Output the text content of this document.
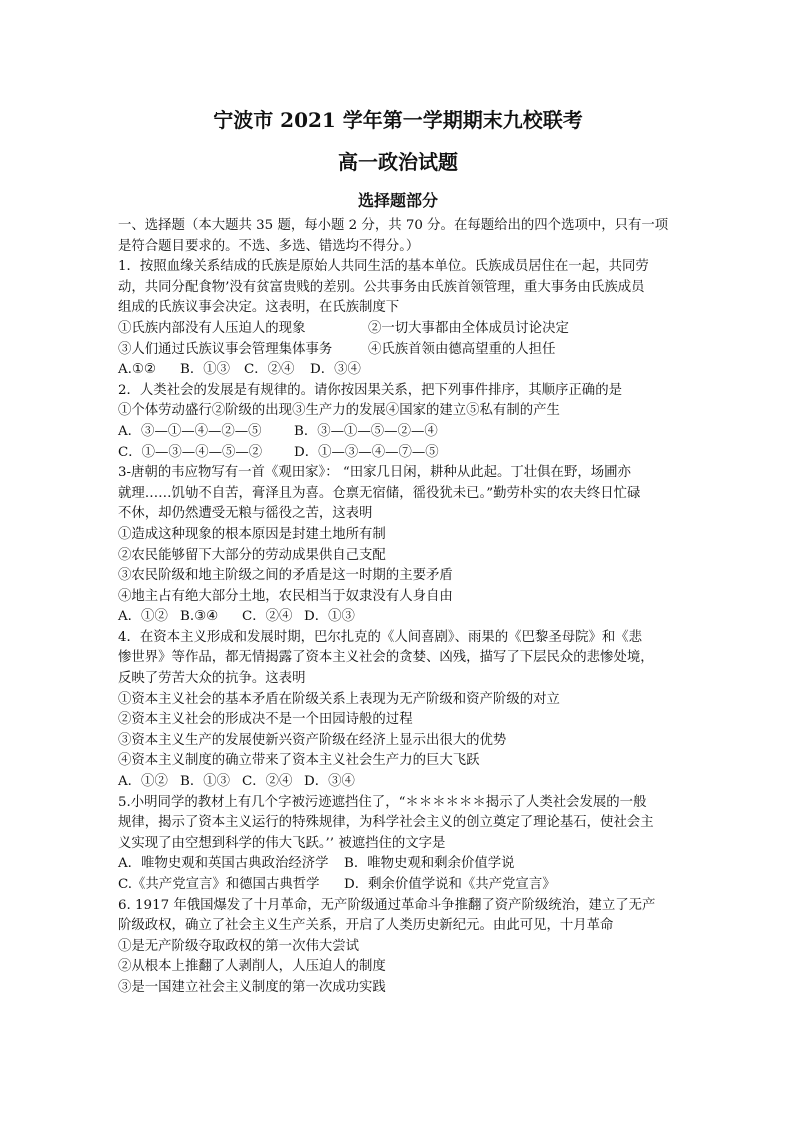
宁波市 2021 学年第一学期期末九校联考
高一政治试题
选择题部分

一、选择题（本大题共 35 题，每小题 2 分，共 70 分。在每题给出的四个选项中，只有一项

是符合题目要求的。不选、多选、错选均不得分。）

1．按照血缘关系结成的氏族是原始人共同生活的基本单位。氏族成员居住在一起，共同劳

动，共同分配食物’没有贫富贵贱的差别。公共事务由氏族首领管理，重大事务由氏族成员

组成的氏族议事会决定。这表明，在氏族制度下

①氏族内部没有人压迫人的现象	②一切大事都由全体成员讨论决定
③人们通过氏族议事会管理集体事务	④氏族首领由德高望重的人担任
A.①②	B．①③	C．②④	D．③④

2．人类社会的发展是有规律的。请你按因果关系，把下列事件排序，其顺序正确的是

①个体劳动盛行②阶级的出现③生产力的发展④国家的建立⑤私有制的产生

A．③—①—④—②—⑤	B．③—①—⑤—②—④
C．①—③—④—⑤—②	D．①—③—④—⑦—⑤

3-唐朝的韦应物写有一首《观田家》： “田家几日闲，耕种从此起。丁壮俱在野，场圃亦

就理……饥劬不自苦，膏泽且为喜。仓禀无宿储，徭役犹未已。”勤劳朴实的农夫终日忙碌

不休，却仍然遭受无粮与徭役之苦，这表明

①造成这种现象的根本原因是封建土地所有制

②农民能够留下大部分的劳动成果供自己支配

③农民阶级和地主阶级之间的矛盾是这一时期的主要矛盾

④地主占有绝大部分土地，农民相当于奴隶没有人身自由

A．①② B.③④	C．②④ D．①③

4．在资本主义形成和发展时期，巴尔扎克的《人间喜剧》、雨果的《巴黎圣母院》和《悲

惨世界》等作品，都无情揭露了资本主义社会的贪婪、凶残，描写了下层民众的悲惨处境，

反映了劳苦大众的抗争。这表明

①资本主义社会的基本矛盾在阶级关系上表现为无产阶级和资产阶级的对立

②资本主义社会的形成决不是一个田园诗般的过程

③资本主义生产的发展使新兴资产阶级在经济上显示出很大的优势

④资本主义制度的确立带来了资本主义社会生产力的巨大飞跃

A．①② B．①③ C．②④ D．③④

5.小明同学的教材上有几个字被污迹遮挡住了，“＊＊＊＊＊＊揭示了人类社会发展的一般

规律，揭示了资本主义运行的特殊规律，为科学社会主义的创立奠定了理论基石，使社会主

义实现了由空想到科学的伟大飞跃。’’ 被遮挡住的文字是

A．唯物史观和英国古典政治经济学	B．唯物史观和剩余价值学说
C.《共产党宣言》和德国古典哲学	D．剩余价值学说和《共产党宣言》

6. 1917 年俄国爆发了十月革命，无产阶级通过革命斗争推翻了资产阶级统治，建立了无产

阶级政权，确立了社会主义生产关系，开启了人类历史新纪元。由此可见，十月革命

①是无产阶级夺取政权的第一次伟大尝试

②从根本上推翻了人剥削人，人压迫人的制度

③是一国建立社会主义制度的第一次成功实践
